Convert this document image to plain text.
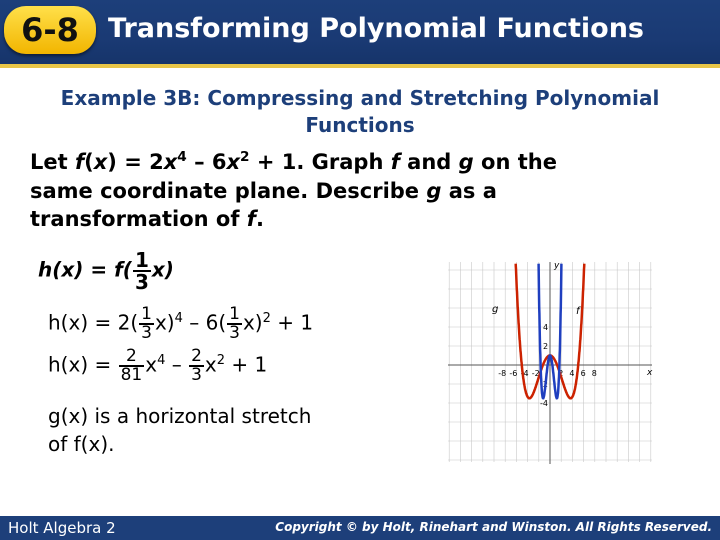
6-8	Transforming Polynomial Functions
Example 3B: Compressing and Stretching Polynomial
Functions
Let $f(x) = 2x^4 - 6x^2 + 1$. Graph f and g on the
same coordinate plane. Describe g as a
transformation of f.
$h(x) = f( \frac{1}{3} x)$
$h(x) = 2( \frac{1}{3} x)^4 - 6( \frac{1}{3} x)^2 + 1$
$h(x) = \frac{2}{81} x^4 - \frac{2}{3} x^2 + 1$
g(x) is a horizontal stretch
of f(x).
-8 -6 -4 -2 2 4 6 8
4
2
-2
-4
g	f
y
x
Holt Algebra 2	Copyright © by Holt, Rinehart and Winston. All Rights Reserved.
